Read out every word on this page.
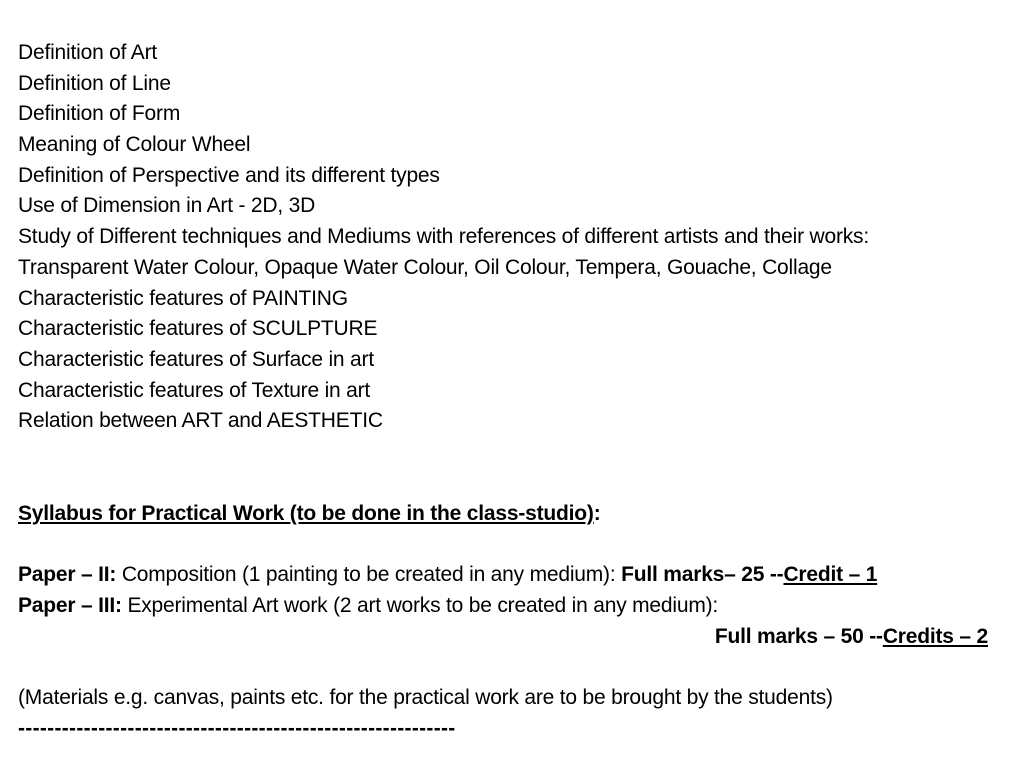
Definition of Art
Definition of Line
Definition of Form
Meaning of Colour Wheel
Definition of Perspective and its different types
Use of Dimension in Art - 2D, 3D
Study of Different techniques and Mediums with references of different artists and their works:
Transparent Water Colour, Opaque Water Colour, Oil Colour, Tempera, Gouache, Collage
Characteristic features of PAINTING
Characteristic features of SCULPTURE
Characteristic features of Surface in art
Characteristic features of Texture in art
Relation between ART and AESTHETIC
Syllabus for Practical Work (to be done in the class-studio):
Paper – II: Composition (1 painting to be created in any medium): Full marks– 25 --Credit – 1
Paper – III: Experimental Art work (2 art works to be created in any medium):
Full marks – 50 --Credits – 2
(Materials e.g. canvas, paints etc. for the practical work are to be brought by the students)
------------------------------------------------------------
